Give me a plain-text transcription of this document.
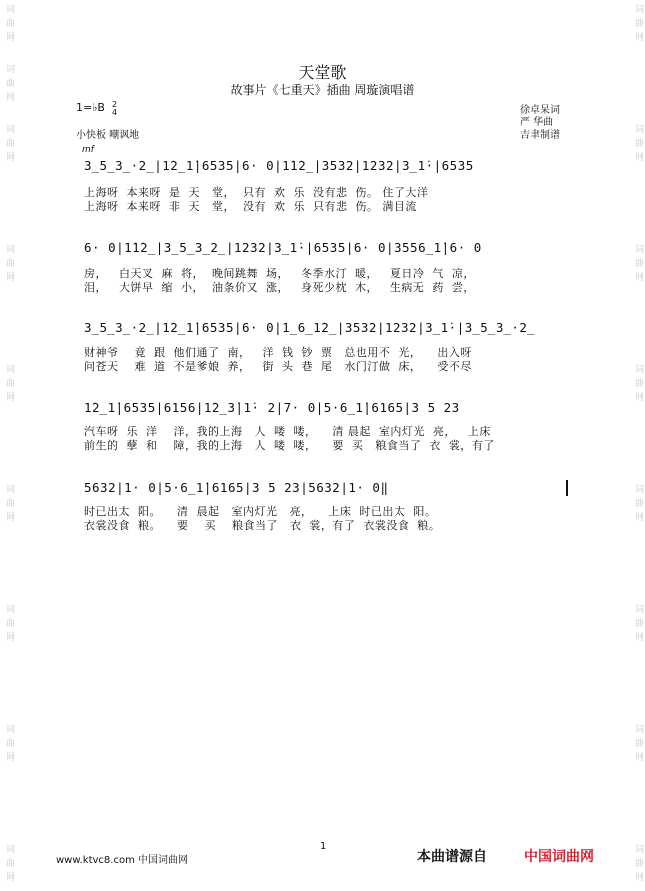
词
曲
网
词
曲
网
词
曲
网
词
曲
网
词
曲
网
词
曲
网
词
曲
网
词
曲
网
词
曲
网
词
曲
网
词
曲
网
词
曲
网
词
曲
网
词
曲
网
词
曲
网
词
曲
网
词
曲
网
天堂歌
故事片《七重天》插曲 周璇演唱谱
1=♭B 2
4
小快板 嘲讽地
徐卓呆词
严 华曲
吉聿制谱
mf
3̲5̲3̲·2̲|1̇2̲1̇|6535|6· 0|1̇1̇2̲|3532|1232|3̲1̇·|6535
上海呀  本来呀  是  天   堂，  只有  欢  乐  没有悲  伤。 住了大洋
上海呀  本来呀  非  天   堂，  没有  欢  乐  只有悲  伤。 满目流
6· 0|1̇1̇2̲|3̲5̲3̲2̲|1232|3̲1̇·|6535|6· 0|3556̲1̇|6· 0
房，   白天叉  麻  将，  晚间跳舞  场，   冬季水汀  暖，   夏日冷  气  凉，
泪，   大饼早  缩  小，  油条价又  涨，   身死少枕  木，   生病无  药  尝，
3̲5̲3̲·2̲|1̇2̲1̇|6535|6· 0|1̲6̲1̇2̲|3532|1232|3̲1̇·|3̲5̲3̲·2̲
财神爷    竟  跟  他们通了  南，   洋  钱  钞  票   总也用不  光，    出入呀
问苍天    难  道  不是爹娘  养，   街  头  巷  尾   水门汀做  床，    受不尽
1̇2̲1̇|6535|6156|1̇2̲3̇|1̇· 2|7· 0|5·6̲1̇|6165|3 5 23
汽车呀  乐  洋    洋，我的上海   人  喽  喽，    清 晨起  室内灯光  亮，   上床
前生的  孽  和    障，我的上海   人  喽  喽，    要  买   粮食当了  衣  裳，有了
5632|1· 0|5·6̲1̇|6165|3 5 23|5632|1· 0‖
时已出太  阳。    清  晨起   室内灯光   亮，    上床  时已出太  阳。
衣裳没食  粮。    要    买    粮食当了   衣  裳，有了  衣裳没食  粮。
1
www.ktvc8.com 中国词曲网	本曲谱源自	中国词曲网
